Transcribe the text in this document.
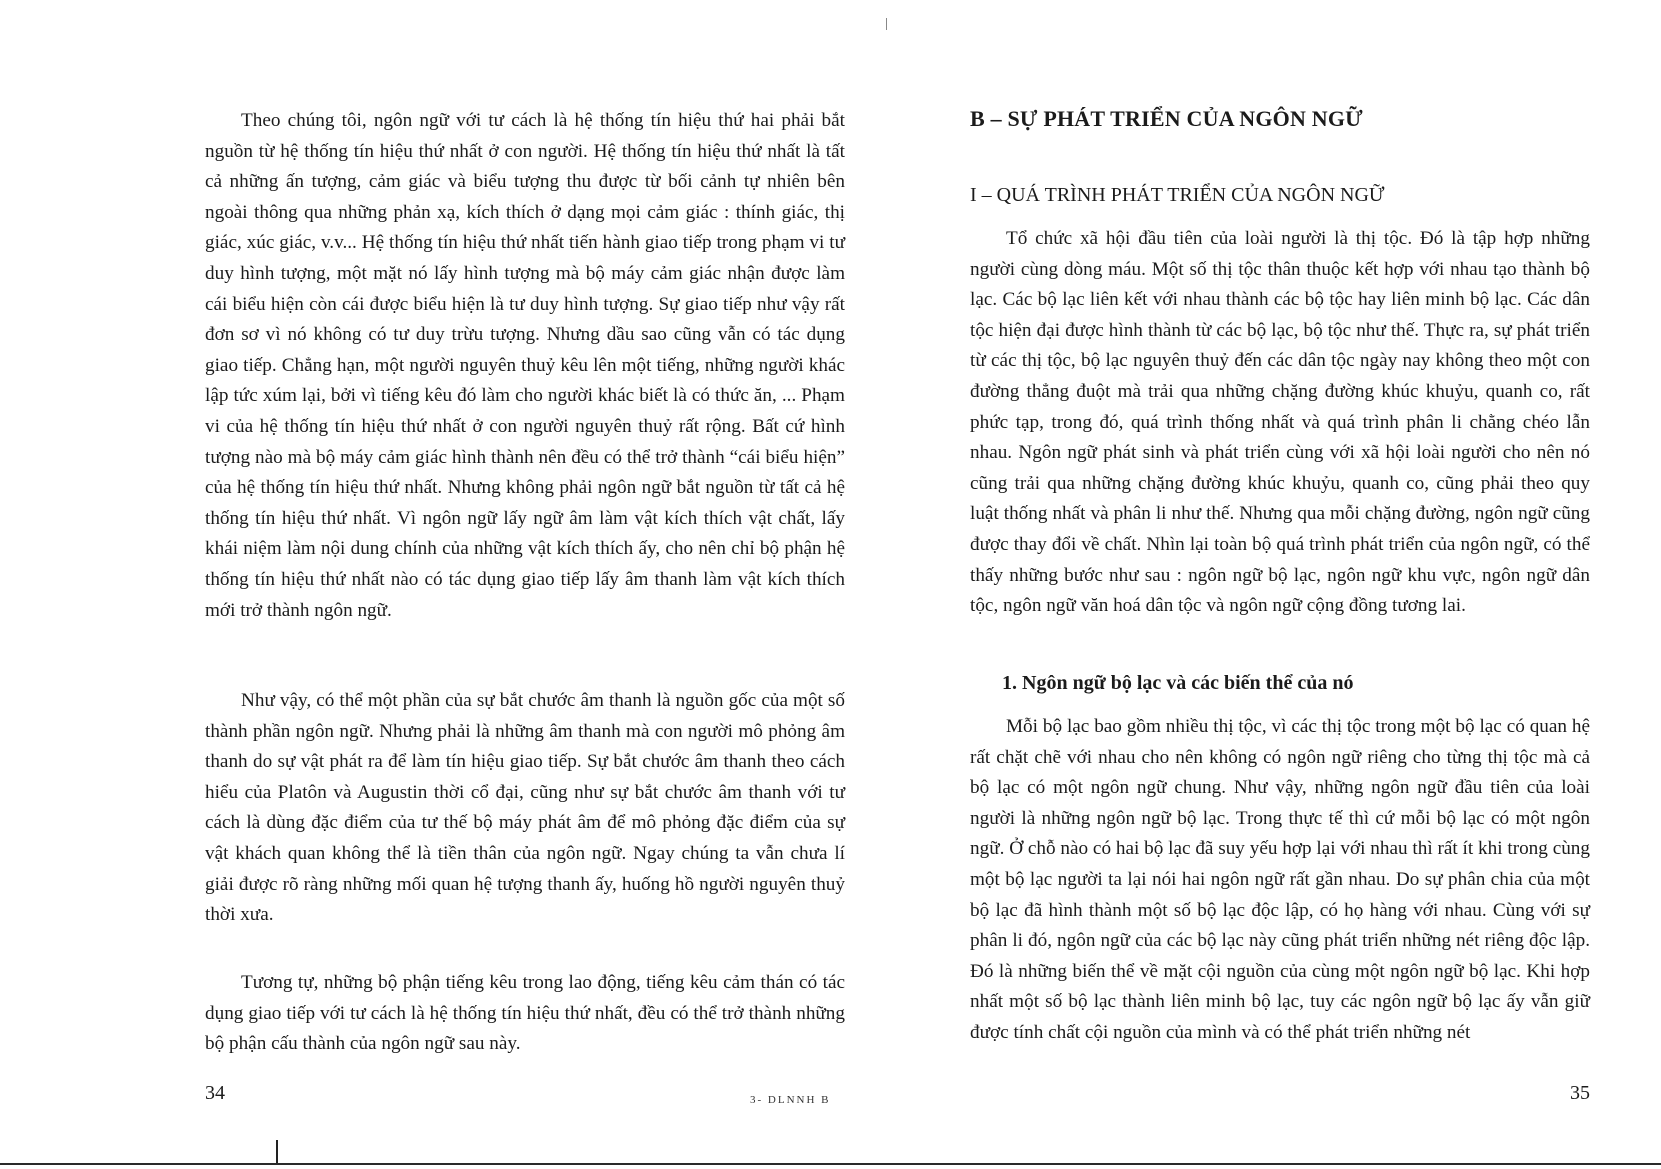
Theo chúng tôi, ngôn ngữ với tư cách là hệ thống tín hiệu thứ hai phải bắt nguồn từ hệ thống tín hiệu thứ nhất ở con người. Hệ thống tín hiệu thứ nhất là tất cả những ấn tượng, cảm giác và biểu tượng thu được từ bối cảnh tự nhiên bên ngoài thông qua những phản xạ, kích thích ở dạng mọi cảm giác : thính giác, thị giác, xúc giác, v.v... Hệ thống tín hiệu thứ nhất tiến hành giao tiếp trong phạm vi tư duy hình tượng, một mặt nó lấy hình tượng mà bộ máy cảm giác nhận được làm cái biểu hiện còn cái được biểu hiện là tư duy hình tượng. Sự giao tiếp như vậy rất đơn sơ vì nó không có tư duy trừu tượng. Nhưng dầu sao cũng vẫn có tác dụng giao tiếp. Chẳng hạn, một người nguyên thuỷ kêu lên một tiếng, những người khác lập tức xúm lại, bởi vì tiếng kêu đó làm cho người khác biết là có thức ăn, ... Phạm vi của hệ thống tín hiệu thứ nhất ở con người nguyên thuỷ rất rộng. Bất cứ hình tượng nào mà bộ máy cảm giác hình thành nên đều có thể trở thành “cái biểu hiện” của hệ thống tín hiệu thứ nhất. Nhưng không phải ngôn ngữ bắt nguồn từ tất cả hệ thống tín hiệu thứ nhất. Vì ngôn ngữ lấy ngữ âm làm vật kích thích vật chất, lấy khái niệm làm nội dung chính của những vật kích thích ấy, cho nên chỉ bộ phận hệ thống tín hiệu thứ nhất nào có tác dụng giao tiếp lấy âm thanh làm vật kích thích mới trở thành ngôn ngữ.

Như vậy, có thể một phần của sự bắt chước âm thanh là nguồn gốc của một số thành phần ngôn ngữ. Nhưng phải là những âm thanh mà con người mô phỏng âm thanh do sự vật phát ra để làm tín hiệu giao tiếp. Sự bắt chước âm thanh theo cách hiểu của Platôn và Augustin thời cổ đại, cũng như sự bắt chước âm thanh với tư cách là dùng đặc điểm của tư thế bộ máy phát âm để mô phỏng đặc điểm của sự vật khách quan không thể là tiền thân của ngôn ngữ. Ngay chúng ta vẫn chưa lí giải được rõ ràng những mối quan hệ tượng thanh ấy, huống hồ người nguyên thuỷ thời xưa.

Tương tự, những bộ phận tiếng kêu trong lao động, tiếng kêu cảm thán có tác dụng giao tiếp với tư cách là hệ thống tín hiệu thứ nhất, đều có thể trở thành những bộ phận cấu thành của ngôn ngữ sau này.

B – SỰ PHÁT TRIỂN CỦA NGÔN NGỮ
I – QUÁ TRÌNH PHÁT TRIỂN CỦA NGÔN NGỮ

Tổ chức xã hội đầu tiên của loài người là thị tộc. Đó là tập hợp những người cùng dòng máu. Một số thị tộc thân thuộc kết hợp với nhau tạo thành bộ lạc. Các bộ lạc liên kết với nhau thành các bộ tộc hay liên minh bộ lạc. Các dân tộc hiện đại được hình thành từ các bộ lạc, bộ tộc như thế. Thực ra, sự phát triển từ các thị tộc, bộ lạc nguyên thuỷ đến các dân tộc ngày nay không theo một con đường thẳng đuột mà trải qua những chặng đường khúc khuỷu, quanh co, rất phức tạp, trong đó, quá trình thống nhất và quá trình phân li chằng chéo lẫn nhau. Ngôn ngữ phát sinh và phát triển cùng với xã hội loài người cho nên nó cũng trải qua những chặng đường khúc khuỷu, quanh co, cũng phải theo quy luật thống nhất và phân li như thế. Nhưng qua mỗi chặng đường, ngôn ngữ cũng được thay đổi về chất. Nhìn lại toàn bộ quá trình phát triển của ngôn ngữ, có thể thấy những bước như sau : ngôn ngữ bộ lạc, ngôn ngữ khu vực, ngôn ngữ dân tộc, ngôn ngữ văn hoá dân tộc và ngôn ngữ cộng đồng tương lai.

1. Ngôn ngữ bộ lạc và các biến thể của nó

Mỗi bộ lạc bao gồm nhiều thị tộc, vì các thị tộc trong một bộ lạc có quan hệ rất chặt chẽ với nhau cho nên không có ngôn ngữ riêng cho từng thị tộc mà cả bộ lạc có một ngôn ngữ chung. Như vậy, những ngôn ngữ đầu tiên của loài người là những ngôn ngữ bộ lạc. Trong thực tế thì cứ mỗi bộ lạc có một ngôn ngữ. Ở chỗ nào có hai bộ lạc đã suy yếu hợp lại với nhau thì rất ít khi trong cùng một bộ lạc người ta lại nói hai ngôn ngữ rất gần nhau. Do sự phân chia của một bộ lạc đã hình thành một số bộ lạc độc lập, có họ hàng với nhau. Cùng với sự phân li đó, ngôn ngữ của các bộ lạc này cũng phát triển những nét riêng độc lập. Đó là những biến thể về mặt cội nguồn của cùng một ngôn ngữ bộ lạc. Khi hợp nhất một số bộ lạc thành liên minh bộ lạc, tuy các ngôn ngữ bộ lạc ấy vẫn giữ được tính chất cội nguồn của mình và có thể phát triển những nét

34	3- DLNNH B	35
